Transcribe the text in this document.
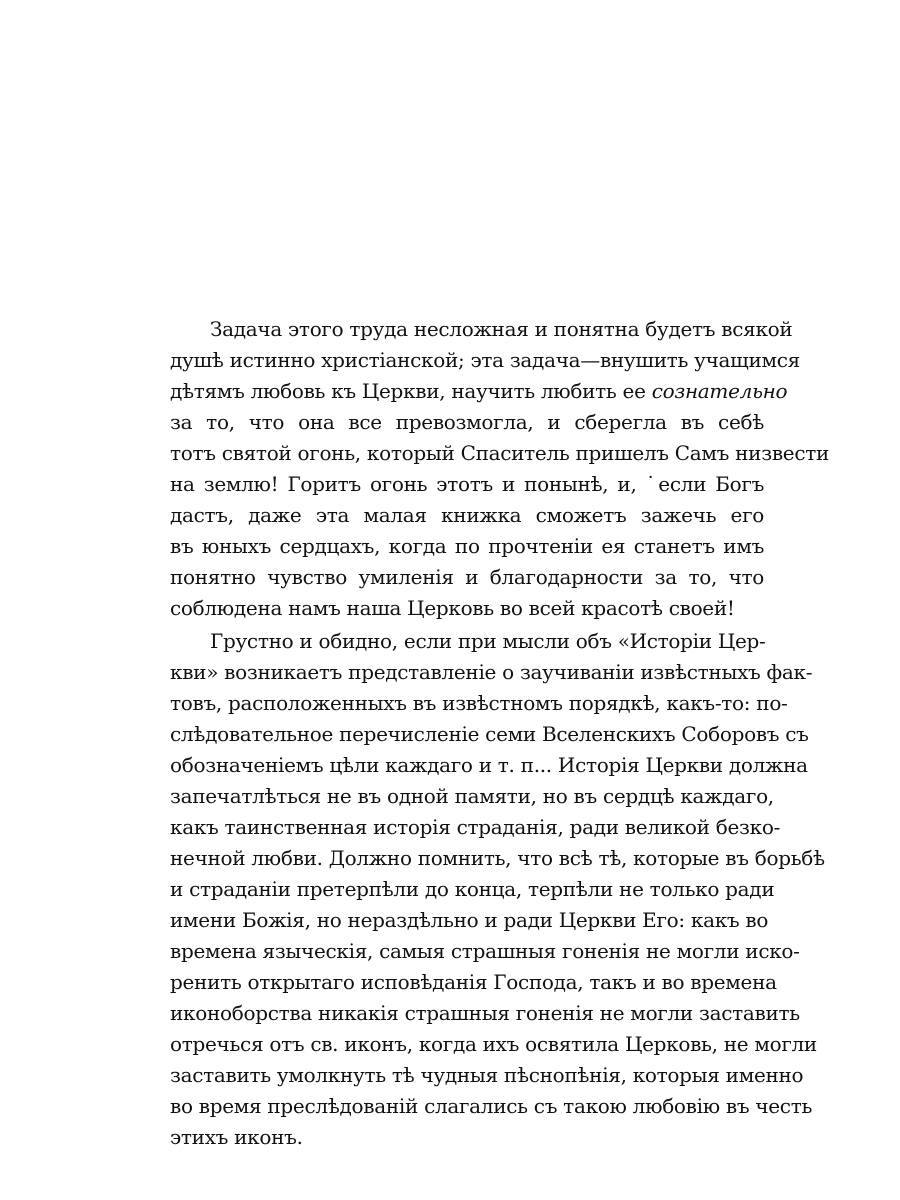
Задача этого труда несложная и понятна будетъ всякой
душѣ истинно христіанской; эта задача—внушить учащимся
дѣтямъ любовь къ Церкви, научить любить ее сознательно
за то, что она все превозмогла, и сберегла въ себѣ
тотъ святой огонь, который Спаситель пришелъ Самъ низвести
на землю! Горитъ огонь этотъ и понынѣ, и, ˙если Богъ
дастъ, даже эта малая книжка сможетъ зажечь его
въ юныхъ сердцахъ, когда по прочтеніи ея станетъ имъ
понятно чувство умиленія и благодарности за то, что
соблюдена намъ наша Церковь во всей красотѣ своей!
Грустно и обидно, если при мысли объ «Исторіи Цер-
кви» возникаетъ представленіе о заучиваніи извѣстныхъ фак-
товъ, расположенныхъ въ извѣстномъ порядкѣ, какъ-то: по-
слѣдовательное перечисленіе семи Вселенскихъ Соборовъ съ
обозначеніемъ цѣли каждаго и т. п... Исторія Церкви должна
запечатлѣться не въ одной памяти, но въ сердцѣ каждаго,
какъ таинственная исторія страданія, ради великой безко-
нечной любви. Должно помнить, что всѣ тѣ, которые въ борьбѣ
и страданіи претерпѣли до конца, терпѣли не только ради
имени Божія, но нераздѣльно и ради Церкви Его: какъ во
времена языческія, самыя страшныя гоненія не могли искo-
ренить открытаго исповѣданія Господа, такъ и во времена
иконоборства никакія страшныя гоненія не могли заставить
отречься отъ св. иконъ, когда ихъ освятила Церковь, не могли
заставить умолкнуть тѣ чудныя пѣснопѣнія, которыя именно
во время преслѣдованій слагались съ такою любовію въ честь
этихъ иконъ.
